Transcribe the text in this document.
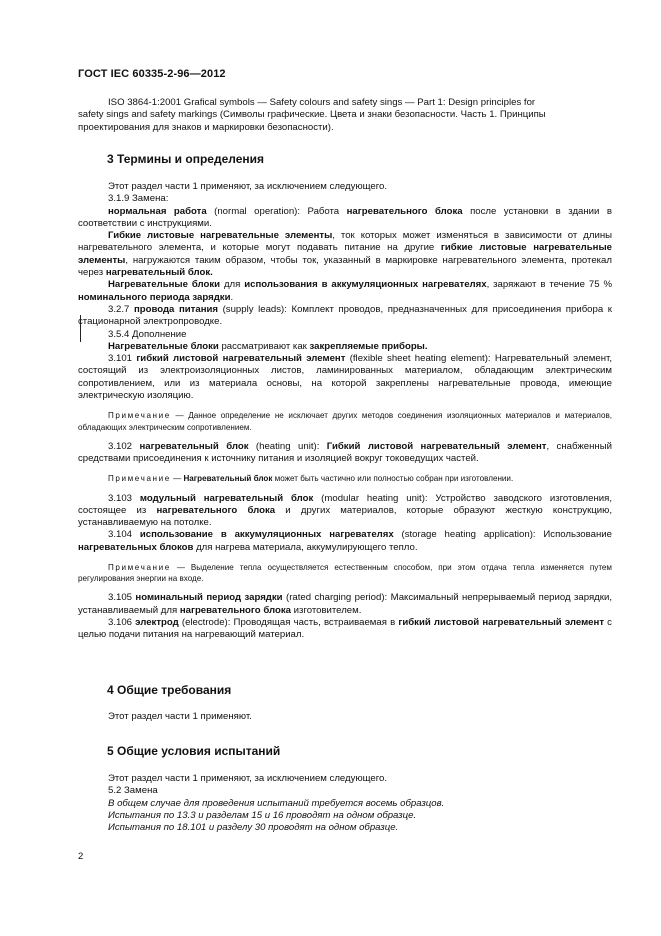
ГОСТ IEC 60335-2-96—2012

ISO 3864-1:2001 Grafical symbols — Safety colours and safety sings — Part 1: Design principles for

safety sings and safety markings (Символы графические. Цвета и знаки безопасности. Часть 1. Принципы

проектирования для знаков и маркировки безопасности).

3 Термины и определения

Этот раздел части 1 применяют, за исключением следующего.

3.1.9 Замена:

нормальная работа (normal operation): Работа нагревательного блока после установки в здании в соответствии с инструкциями.

Гибкие листовые нагревательные элементы, ток которых может изменяться в зависимости от длины нагревательного элемента, и которые могут подавать питание на другие гибкие листовые нагревательные элементы, нагружаются таким образом, чтобы ток, указанный в маркировке нагревательного элемента, протекал через нагревательный блок.

Нагревательные блоки для использования в аккумуляционных нагревателях, заряжают в течение 75 % номинального периода зарядки.

3.2.7 провода питания (supply leads): Комплект проводов, предназначенных для присоединения прибора к стационарной электропроводке.

3.5.4 Дополнение

Нагревательные блоки рассматривают как закрепляемые приборы.

3.101 гибкий листовой нагревательный элемент (flexible sheet heating element): Нагревательный элемент, состоящий из электроизоляционных листов, ламинированных материалом, обладающим электрическим сопротивлением, или из материала основы, на которой закреплены нагревательные провода, имеющие электрическую изоляцию.

Примечание — Данное определение не исключает других методов соединения изоляционных материалов и материалов, обладающих электрическим сопротивлением.

3.102 нагревательный блок (heating unit): Гибкий листовой нагревательный элемент, снабженный средствами присоединения к источнику питания и изоляцией вокруг токоведущих частей.

Примечание — Нагревательный блок может быть частично или полностью собран при изготовлении.

3.103 модульный нагревательный блок (modular heating unit): Устройство заводского изготовления, состоящее из нагревательного блока и других материалов, которые образуют жесткую конструкцию, устанавливаемую на потолке.

3.104 использование в аккумуляционных нагревателях (storage heating application): Использование нагревательных блоков для нагрева материала, аккумулирующего тепло.

Примечание — Выделение тепла осуществляется естественным способом, при этом отдача тепла изменяется путем регулирования энергии на входе.

3.105 номинальный период зарядки (rated charging period): Максимальный непрерываемый период зарядки, устанавливаемый для нагревательного блока изготовителем.

3.106 электрод (electrode): Проводящая часть, встраиваемая в гибкий листовой нагревательный элемент с целью подачи питания на нагревающий материал.

4 Общие требования

Этот раздел части 1 применяют.

5 Общие условия испытаний

Этот раздел части 1 применяют, за исключением следующего.

5.2 Замена

В общем случае для проведения испытаний требуется восемь образцов.

Испытания по 13.3 и разделам 15 и 16 проводят на одном образце.

Испытания по 18.101 и разделу 30 проводят на одном образце.

2
